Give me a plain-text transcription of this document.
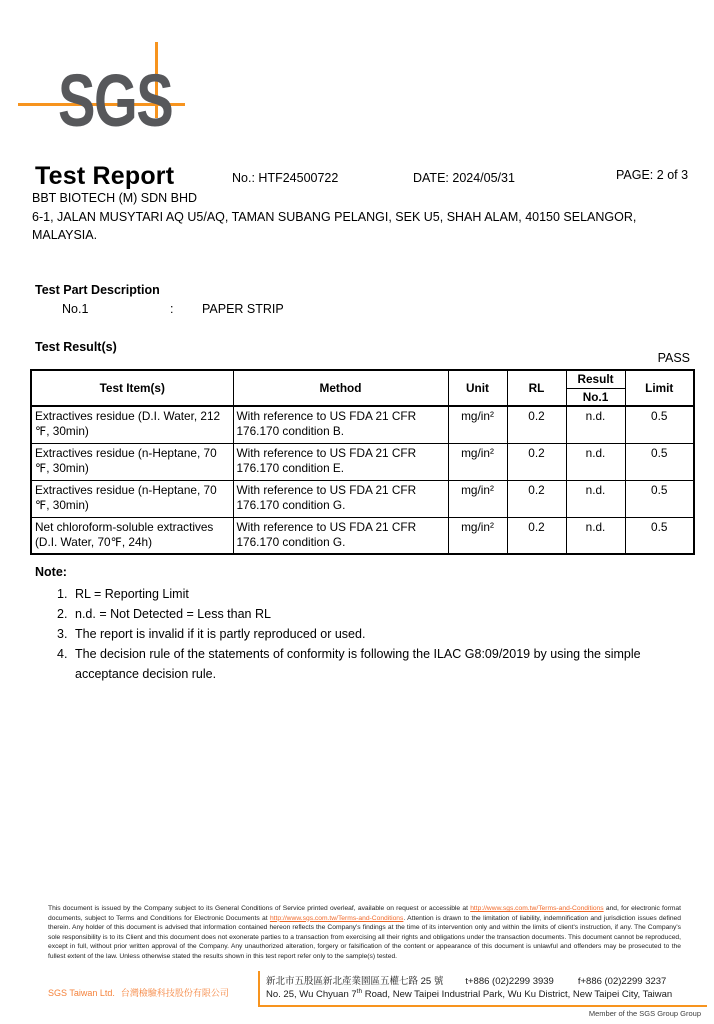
SGS
Test Report	No.: HTF24500722	DATE: 2024/05/31	PAGE: 2 of 3
BBT BIOTECH (M) SDN BHD
6-1, JALAN MUSYTARI AQ U5/AQ, TAMAN SUBANG PELANGI, SEK U5, SHAH ALAM, 40150 SELANGOR,
MALAYSIA.
Test Part Description
No.1	:	PAPER STRIP
Test Result(s)
PASS
Test Item(s)	Method	Unit	RL	Result	Limit
				No.1	
Extractives residue (D.I. Water, 212 ℉, 30min)	With reference to US FDA 21 CFR 176.170 condition B.	mg/in²	0.2	n.d.	0.5
Extractives residue (n-Heptane, 70 ℉, 30min)	With reference to US FDA 21 CFR 176.170 condition E.	mg/in²	0.2	n.d.	0.5
Extractives residue (n-Heptane, 70 ℉, 30min)	With reference to US FDA 21 CFR 176.170 condition G.	mg/in²	0.2	n.d.	0.5
Net chloroform-soluble extractives (D.I. Water, 70℉, 24h)	With reference to US FDA 21 CFR 176.170 condition G.	mg/in²	0.2	n.d.	0.5
Note:
1. RL = Reporting Limit
2. n.d. = Not Detected = Less than RL
3. The report is invalid if it is partly reproduced or used.
4. The decision rule of the statements of conformity is following the ILAC G8:09/2019 by using the simple acceptance decision rule.
This document is issued by the Company subject to its General Conditions of Service printed overleaf, available on request or accessible at http://www.sgs.com.tw/Terms-and-Conditions and, for electronic format documents, subject to Terms and Conditions for Electronic Documents at http://www.sgs.com.tw/Terms-and-Conditions. Attention is drawn to the limitation of liability, indemnification and jurisdiction issues defined therein. Any holder of this document is advised that information contained hereon reflects the Company's findings at the time of its intervention only and within the limits of client's instruction, if any. The Company's sole responsibility is to its Client and this document does not exonerate parties to a transaction from exercising all their rights and obligations under the transaction documents. This document cannot be reproduced, except in full, without prior written approval of the Company. Any unauthorized alteration, forgery or falsification of the content or appearance of this document is unlawful and offenders may be prosecuted to the fullest extent of the law. Unless otherwise stated the results shown in this test report refer only to the sample(s) tested.
SGS Taiwan Ltd. 台灣檢驗科技股份有限公司
新北市五股區新北產業園區五權七路 25 號 t+886 (02)2299 3939	f+886 (02)2299 3237
No. 25, Wu Chyuan 7th Road, New Taipei Industrial Park, Wu Ku District, New Taipei City, Taiwan
Member of the SGS Group Group
